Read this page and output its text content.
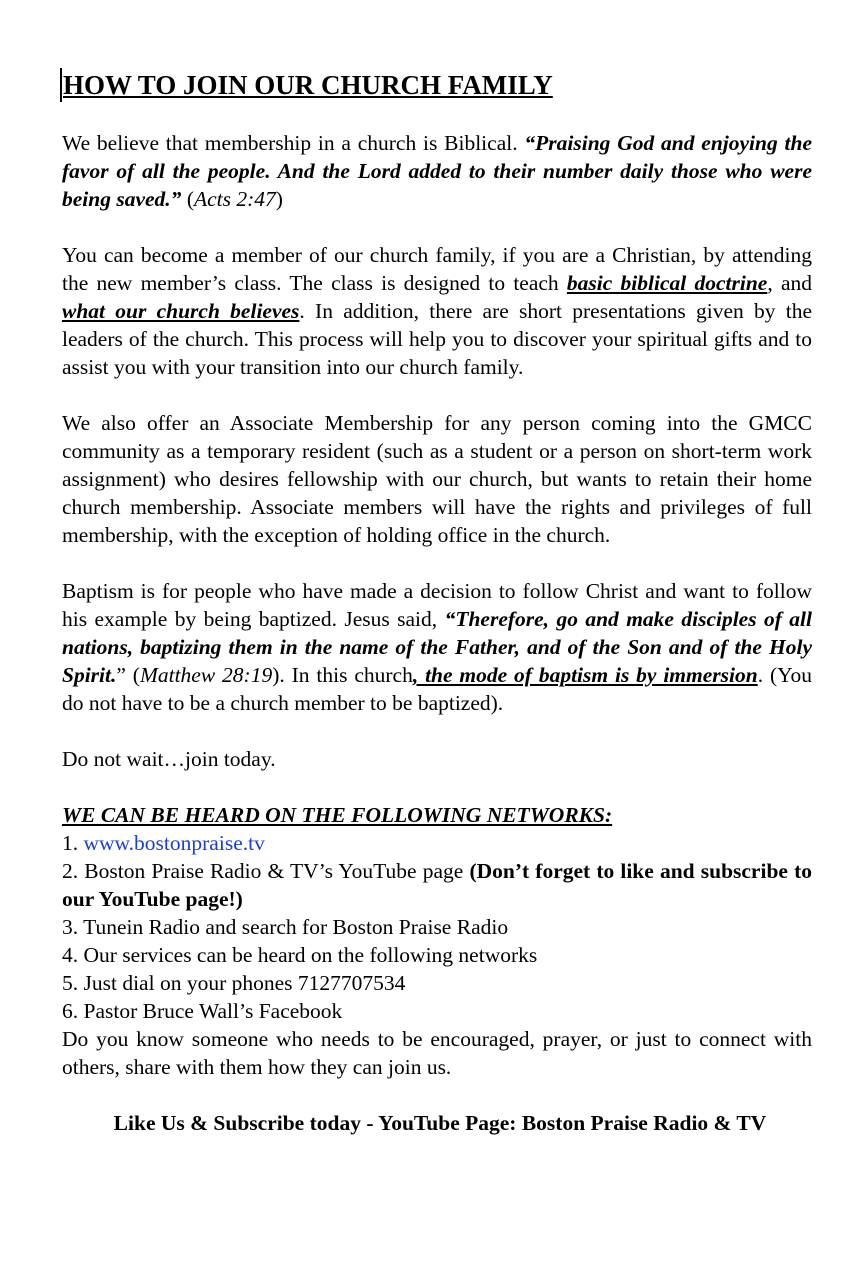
HOW TO JOIN OUR CHURCH FAMILY

We believe that membership in a church is Biblical. “Praising God and enjoying the favor of all the people. And the Lord added to their number daily those who were being saved.” (Acts 2:47)

You can become a member of our church family, if you are a Christian, by attending the new member’s class. The class is designed to teach basic biblical doctrine, and what our church believes. In addition, there are short presentations given by the leaders of the church. This process will help you to discover your spiritual gifts and to assist you with your transition into our church family.

We also offer an Associate Membership for any person coming into the GMCC community as a temporary resident (such as a student or a person on short-term work assignment) who desires fellowship with our church, but wants to retain their home church membership. Associate members will have the rights and privileges of full membership, with the exception of holding office in the church.

Baptism is for people who have made a decision to follow Christ and want to follow his example by being baptized. Jesus said, “Therefore, go and make disciples of all nations, baptizing them in the name of the Father, and of the Son and of the Holy Spirit.” (Matthew 28:19). In this church, the mode of baptism is by immersion. (You do not have to be a church member to be baptized).

Do not wait…join today.

WE CAN BE HEARD ON THE FOLLOWING NETWORKS:
1. www.bostonpraise.tv
2. Boston Praise Radio & TV’s YouTube page (Don’t forget to like and subscribe to our YouTube page!)
3. Tunein Radio and search for Boston Praise Radio
4. Our services can be heard on the following networks
5. Just dial on your phones 7127707534
6. Pastor Bruce Wall’s Facebook
Do you know someone who needs to be encouraged, prayer, or just to connect with others, share with them how they can join us.
Like Us & Subscribe today - YouTube Page: Boston Praise Radio & TV
